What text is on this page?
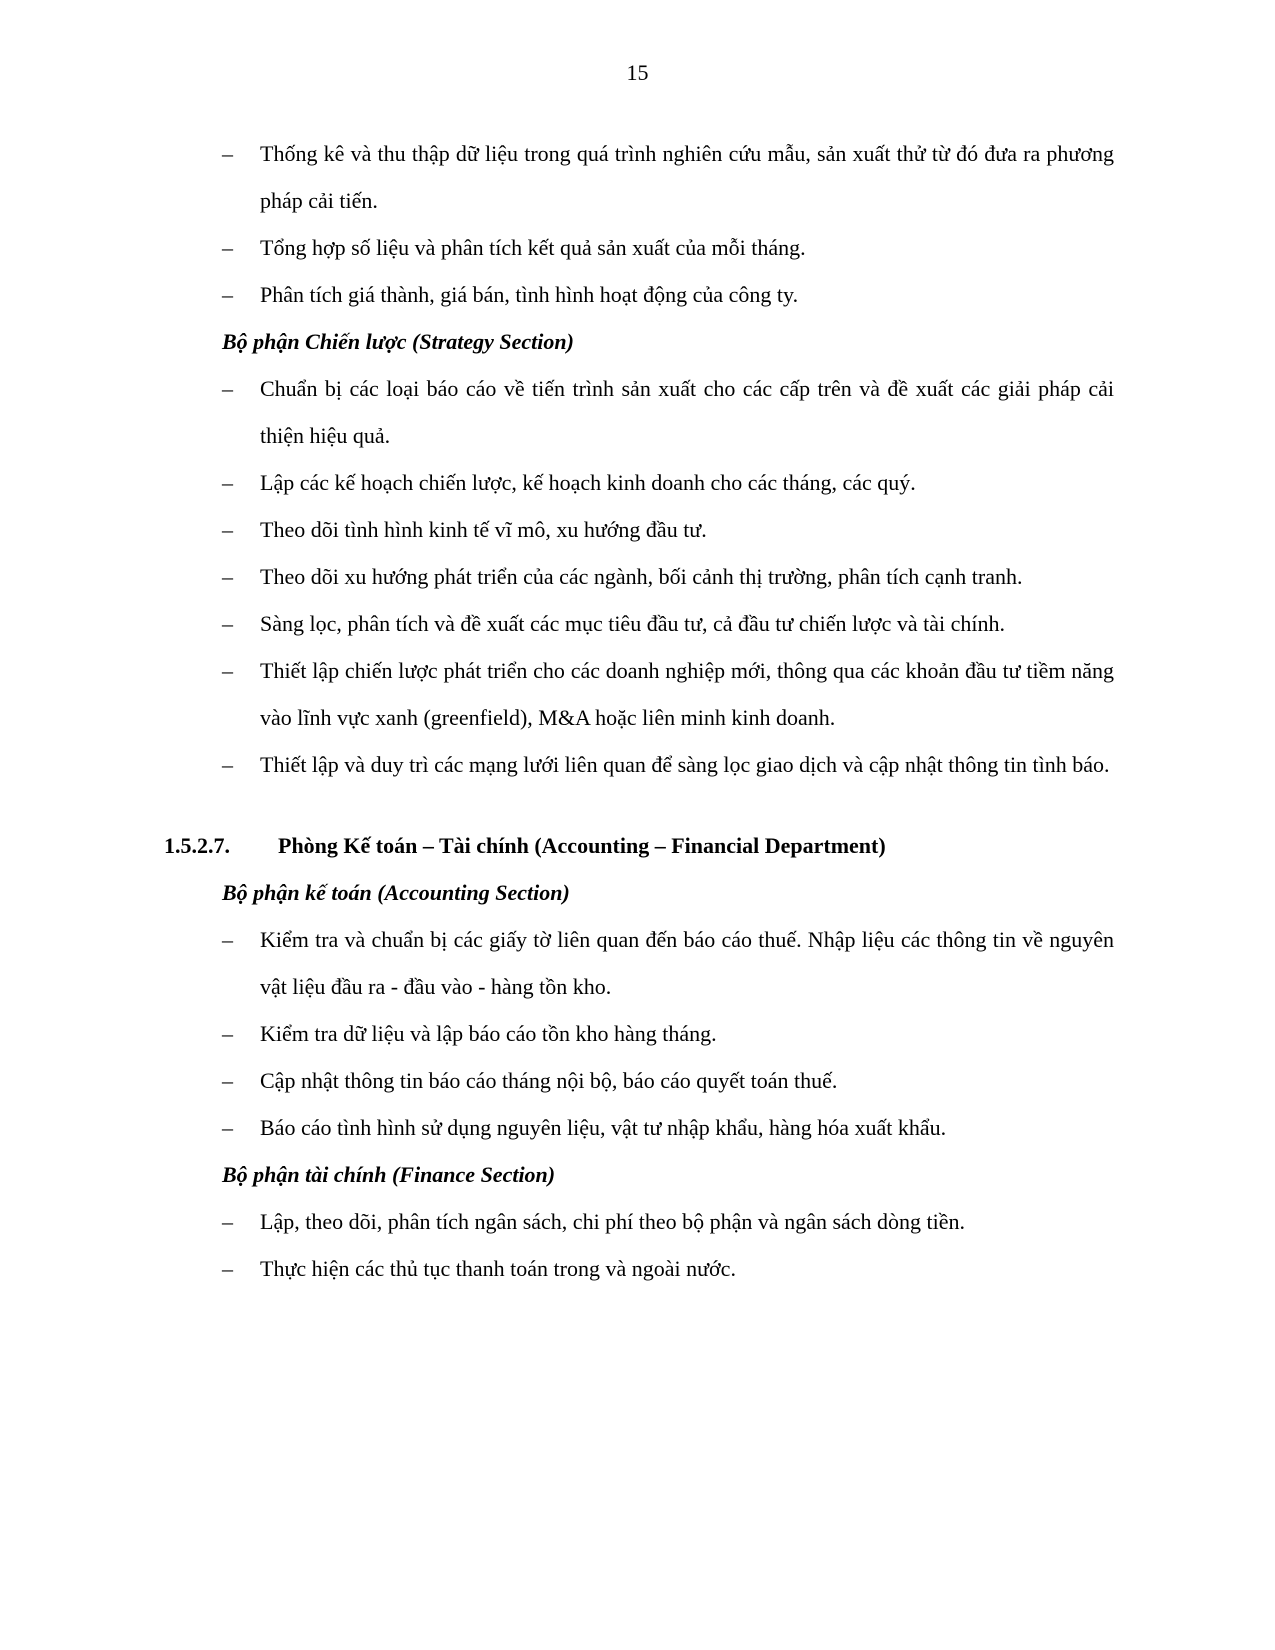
15
–	Thống kê và thu thập dữ liệu trong quá trình nghiên cứu mẫu, sản xuất thử từ đó đưa ra phương pháp cải tiến.
–	Tổng hợp số liệu và phân tích kết quả sản xuất của mỗi tháng.
–	Phân tích giá thành, giá bán, tình hình hoạt động của công ty.
Bộ phận Chiến lược (Strategy Section)
–	Chuẩn bị các loại báo cáo về tiến trình sản xuất cho các cấp trên và đề xuất các giải pháp cải thiện hiệu quả.
–	Lập các kế hoạch chiến lược, kế hoạch kinh doanh cho các tháng, các quý.
–	Theo dõi tình hình kinh tế vĩ mô, xu hướng đầu tư.
–	Theo dõi xu hướng phát triển của các ngành, bối cảnh thị trường, phân tích cạnh tranh.
–	Sàng lọc, phân tích và đề xuất các mục tiêu đầu tư, cả đầu tư chiến lược và tài chính.
–	Thiết lập chiến lược phát triển cho các doanh nghiệp mới, thông qua các khoản đầu tư tiềm năng vào lĩnh vực xanh (greenfield), M&A hoặc liên minh kinh doanh.
–	Thiết lập và duy trì các mạng lưới liên quan để sàng lọc giao dịch và cập nhật thông tin tình báo.
1.5.2.7.	Phòng Kế toán – Tài chính (Accounting – Financial Department)
Bộ phận kế toán (Accounting Section)
–	Kiểm tra và chuẩn bị các giấy tờ liên quan đến báo cáo thuế. Nhập liệu các thông tin về nguyên vật liệu đầu ra - đầu vào - hàng tồn kho.
–	Kiểm tra dữ liệu và lập báo cáo tồn kho hàng tháng.
–	Cập nhật thông tin báo cáo tháng nội bộ, báo cáo quyết toán thuế.
–	Báo cáo tình hình sử dụng nguyên liệu, vật tư nhập khẩu, hàng hóa xuất khẩu.
Bộ phận tài chính (Finance Section)
–	Lập, theo dõi, phân tích ngân sách, chi phí theo bộ phận và ngân sách dòng tiền.
–	Thực hiện các thủ tục thanh toán trong và ngoài nước.
